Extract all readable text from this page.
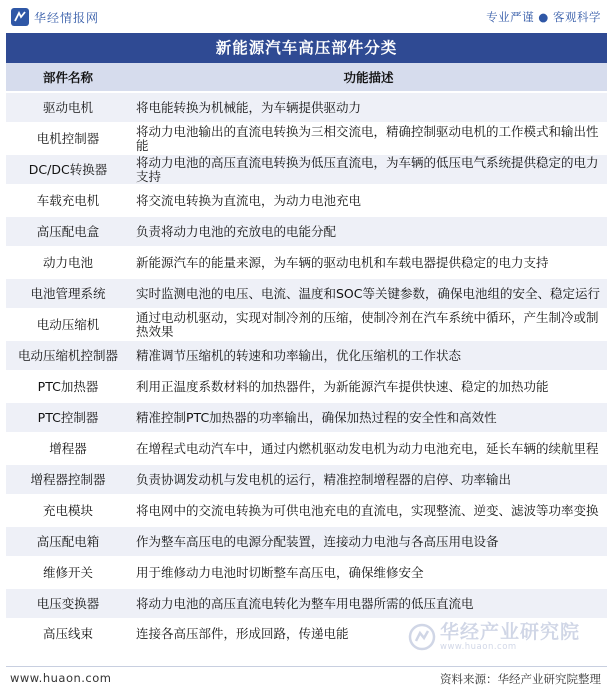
华经情报网	专业严谨 ● 客观科学
新能源汽车高压部件分类
部件名称	功能描述
驱动电机	将电能转换为机械能，为车辆提供驱动力
电机控制器	将动力电池输出的直流电转换为三相交流电，精确控制驱动电机的工作模式和输出性能
DC/DC转换器	将动力电池的高压直流电转换为低压直流电，为车辆的低压电气系统提供稳定的电力支持
车载充电机	将交流电转换为直流电，为动力电池充电
高压配电盒	负责将动力电池的充放电的电能分配
动力电池	新能源汽车的能量来源，为车辆的驱动电机和车载电器提供稳定的电力支持
电池管理系统	实时监测电池的电压、电流、温度和SOC等关键参数，确保电池组的安全、稳定运行
电动压缩机	通过电动机驱动，实现对制冷剂的压缩，使制冷剂在汽车系统中循环，产生制冷或制热效果
电动压缩机控制器	精准调节压缩机的转速和功率输出，优化压缩机的工作状态
PTC加热器	利用正温度系数材料的加热器件，为新能源汽车提供快速、稳定的加热功能
PTC控制器	精准控制PTC加热器的功率输出，确保加热过程的安全性和高效性
增程器	在增程式电动汽车中，通过内燃机驱动发电机为动力电池充电，延长车辆的续航里程
增程器控制器	负责协调发动机与发电机的运行，精准控制增程器的启停、功率输出
充电模块	将电网中的交流电转换为可供电池充电的直流电，实现整流、逆变、滤波等功率变换
高压配电箱	作为整车高压电的电源分配装置，连接动力电池与各高压用电设备
维修开关	用于维修动力电池时切断整车高压电，确保维修安全
电压变换器	将动力电池的高压直流电转化为整车用电器所需的低压直流电
高压线束	连接各高压部件，形成回路，传递电能	华经产业研究院
www.huaon.com
www.huaon.com	资料来源：华经产业研究院整理
